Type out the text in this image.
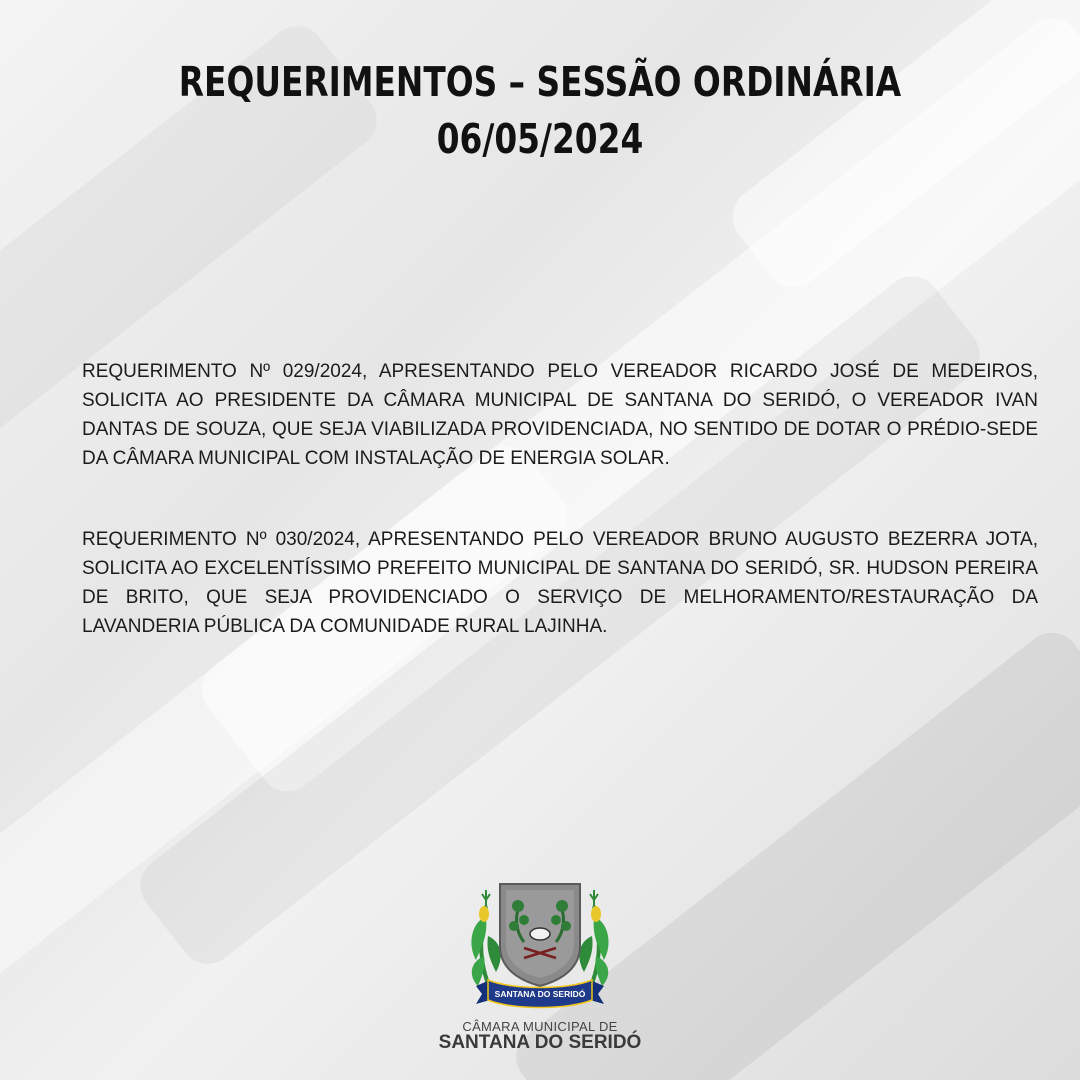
REQUERIMENTOS – SESSÃO ORDINÁRIA
06/05/2024

REQUERIMENTO Nº 029/2024, APRESENTANDO PELO VEREADOR RICARDO JOSÉ DE MEDEIROS, SOLICITA AO PRESIDENTE DA CÂMARA MUNICIPAL DE SANTANA DO SERIDÓ, O VEREADOR IVAN DANTAS DE SOUZA, QUE SEJA VIABILIZADA PROVIDENCIADA, NO SENTIDO DE DOTAR O PRÉDIO-SEDE DA CÂMARA MUNICIPAL COM INSTALAÇÃO DE ENERGIA SOLAR.

REQUERIMENTO Nº 030/2024, APRESENTANDO PELO VEREADOR BRUNO AUGUSTO BEZERRA JOTA, SOLICITA AO EXCELENTÍSSIMO PREFEITO MUNICIPAL DE SANTANA DO SERIDÓ, SR. HUDSON PEREIRA DE BRITO, QUE SEJA PROVIDENCIADO O SERVIÇO DE MELHORAMENTO/RESTAURAÇÃO DA LAVANDERIA PÚBLICA DA COMUNIDADE RURAL LAJINHA.

SANTANA DO SERIDÓ
CÂMARA MUNICIPAL DE
SANTANA DO SERIDÓ
